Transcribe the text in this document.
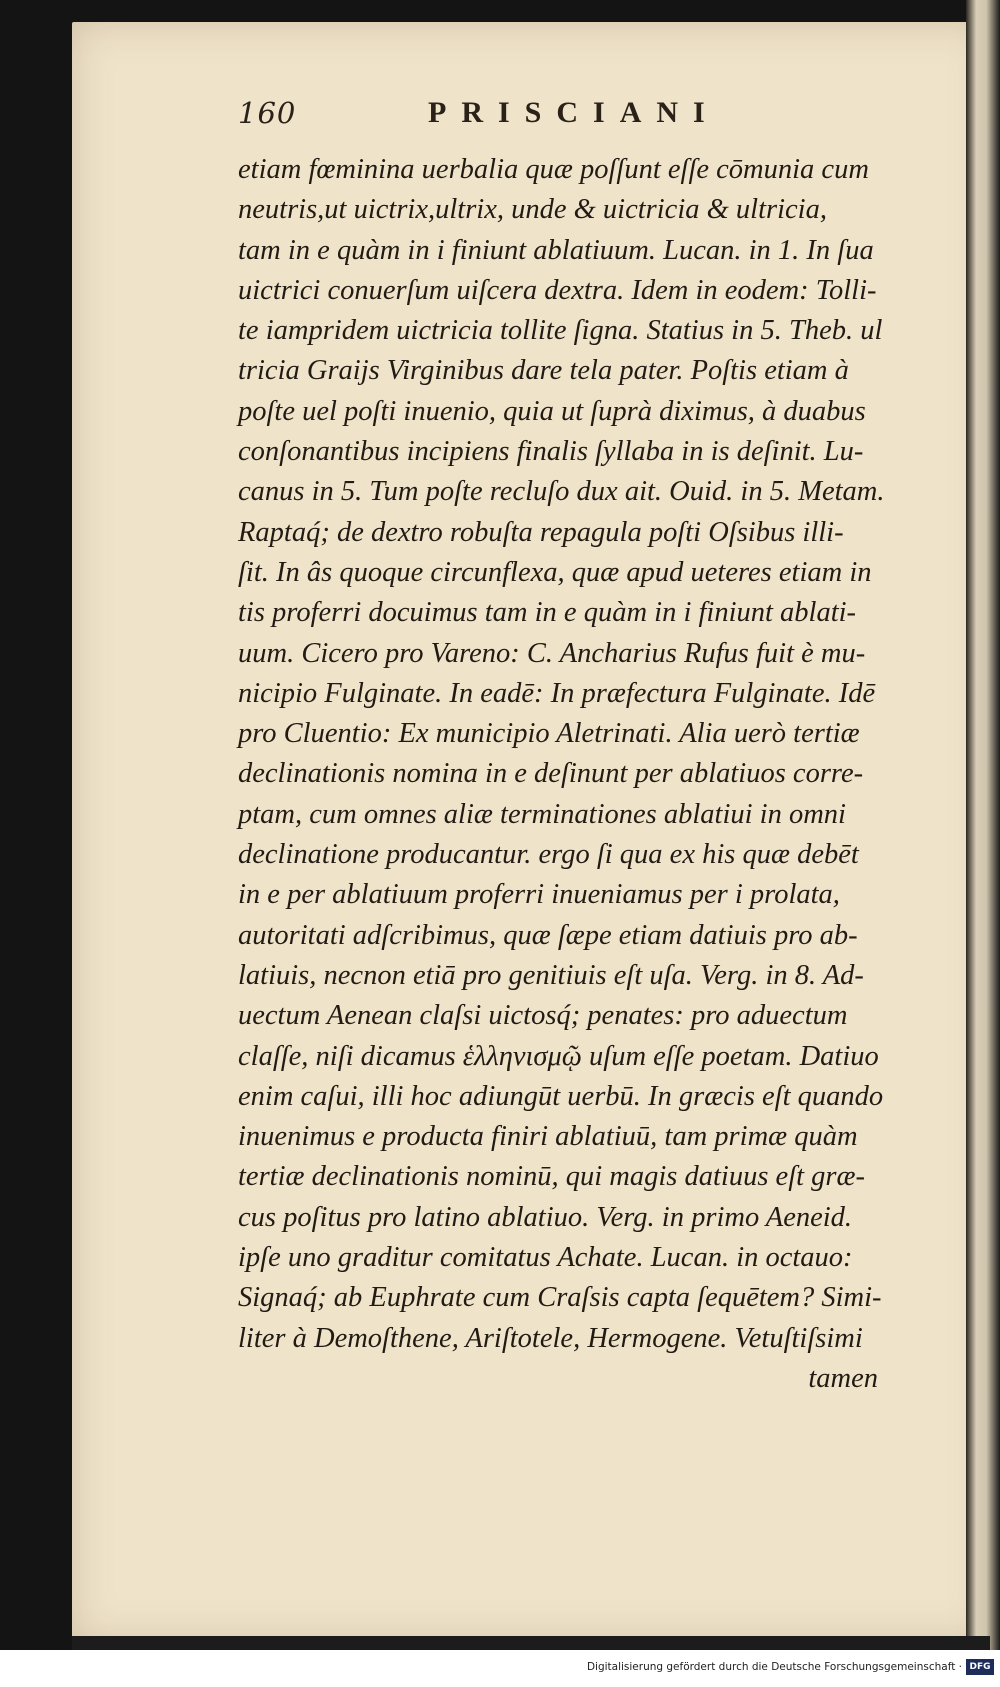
160	PRISCIANI
etiam fœminina uerbalia quæ poſſunt eſſe cōmunia cum
neutris,ut uictrix,ultrix, unde & uictricia & ultricia,
tam in e quàm in i finiunt ablatiuum. Lucan. in 1. In ſua
uictrici conuerſum uiſcera dextra. Idem in eodem: Tolli-
te iampridem uictricia tollite ſigna. Statius in 5. Theb. ul
tricia Graijs Virginibus dare tela pater. Poſtis etiam à
poſte uel poſti inuenio, quia ut ſuprà diximus, à duabus
conſonantibus incipiens finalis ſyllaba in is deſinit. Lu-
canus in 5. Tum poſte recluſo dux ait. Ouid. in 5. Metam.
Raptaq́; de dextro robuſta repagula poſti Oſsibus illi-
ſit. In âs quoque circunflexa, quæ apud ueteres etiam in
tis proferri docuimus tam in e quàm in i finiunt ablati-
uum. Cicero pro Vareno: C. Ancharius Rufus fuit è mu-
nicipio Fulginate. In eadē: In præfectura Fulginate. Idē
pro Cluentio: Ex municipio Aletrinati. Alia uerò tertiæ
declinationis nomina in e deſinunt per ablatiuos corre-
ptam, cum omnes aliæ terminationes ablatiui in omni
declinatione producantur. ergo ſi qua ex his quæ debēt
in e per ablatiuum proferri inueniamus per i prolata,
autoritati adſcribimus, quæ ſæpe etiam datiuis pro ab-
latiuis, necnon etiā pro genitiuis eſt uſa. Verg. in 8. Ad-
uectum Aenean claſsi uictosq́; penates: pro aduectum
claſſe, niſi dicamus ἑλληνισμῷ uſum eſſe poetam. Datiuo
enim caſui, illi hoc adiungūt uerbū. In græcis eſt quando
inuenimus e producta finiri ablatiuū, tam primæ quàm
tertiæ declinationis nominū, qui magis datiuus eſt græ-
cus poſitus pro latino ablatiuo. Verg. in primo Aeneid.
ipſe uno graditur comitatus Achate. Lucan. in octauo:
Signaq́; ab Euphrate cum Craſsis capta ſequētem? Simi-
liter à Demoſthene, Ariſtotele, Hermogene. Vetuſtiſsimi
tamen
Digitalisierung gefördert durch die Deutsche Forschungsgemeinschaft · DFG
